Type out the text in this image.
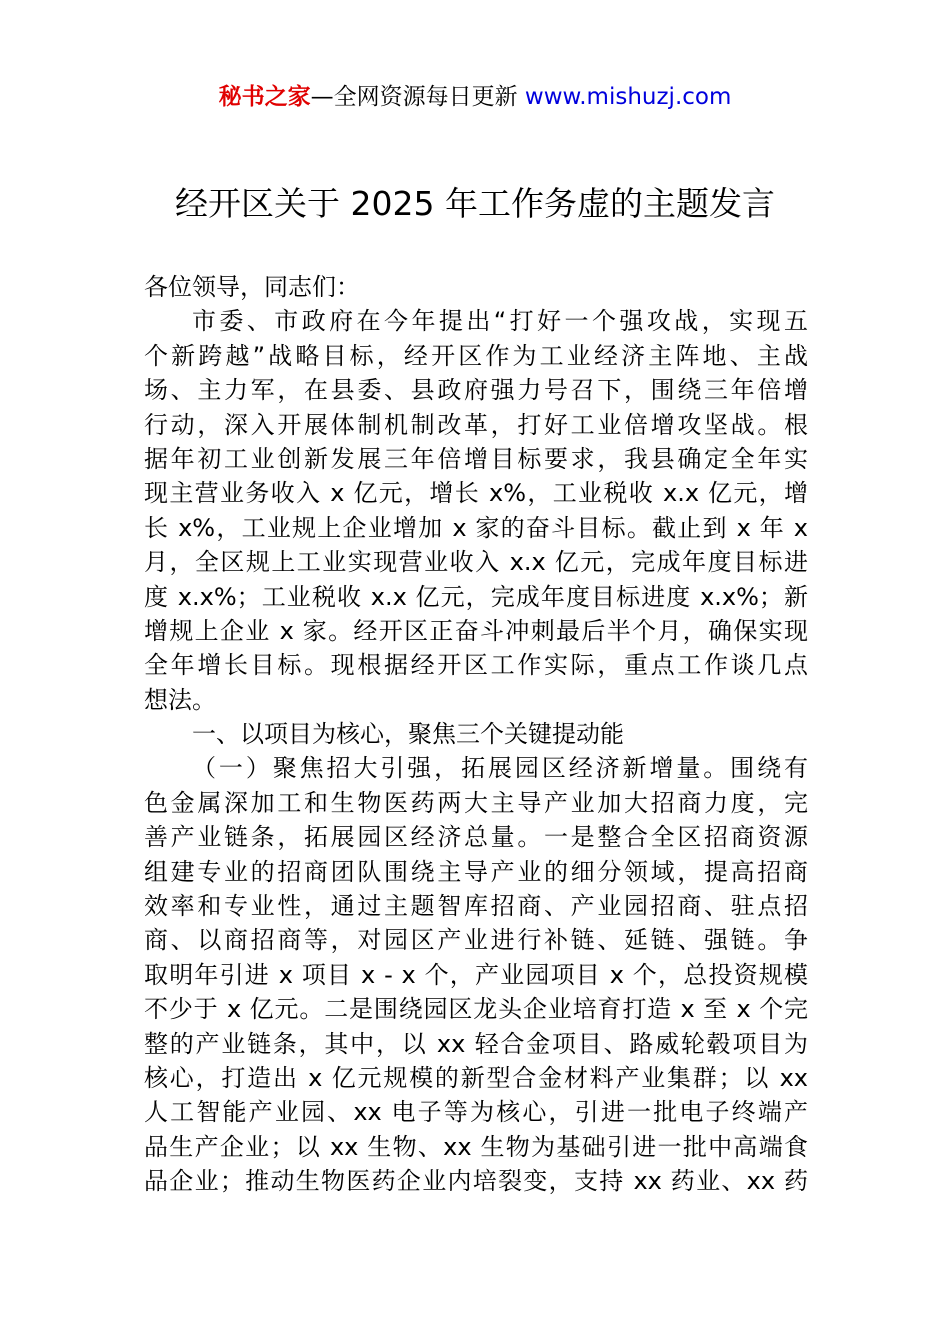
秘书之家—全网资源每日更新 www.mishuzj.com
经开区关于 2025 年工作务虚的主题发言
各位领导，同志们：
市委、市政府在今年提出“打好一个强攻战，实现五
个新跨越”战略目标，经开区作为工业经济主阵地、主战
场、主力军，在县委、县政府强力号召下，围绕三年倍增
行动，深入开展体制机制改革，打好工业倍增攻坚战。根
据年初工业创新发展三年倍增目标要求，我县确定全年实
现主营业务收入 x 亿元，增长 x%，工业税收 x.x 亿元，增
长 x%，工业规上企业增加 x 家的奋斗目标。截止到 x 年 x
月，全区规上工业实现营业收入 x.x 亿元，完成年度目标进
度 x.x%；工业税收 x.x 亿元，完成年度目标进度 x.x%；新
增规上企业 x 家。经开区正奋斗冲刺最后半个月，确保实现
全年增长目标。现根据经开区工作实际，重点工作谈几点
想法。
一、以项目为核心，聚焦三个关键提动能
（一）聚焦招大引强，拓展园区经济新增量。围绕有
色金属深加工和生物医药两大主导产业加大招商力度，完
善产业链条，拓展园区经济总量。一是整合全区招商资源
组建专业的招商团队围绕主导产业的细分领域，提高招商
效率和专业性，通过主题智库招商、产业园招商、驻点招
商、以商招商等，对园区产业进行补链、延链、强链。争
取明年引进 x 项目 x - x 个，产业园项目 x 个，总投资规模
不少于 x 亿元。二是围绕园区龙头企业培育打造 x 至 x 个完
整的产业链条，其中，以 xx 轻合金项目、路威轮毂项目为
核心，打造出 x 亿元规模的新型合金材料产业集群；以 xx
人工智能产业园、xx 电子等为核心，引进一批电子终端产
品生产企业；以 xx 生物、xx 生物为基础引进一批中高端食
品企业；推动生物医药企业内培裂变，支持 xx 药业、xx 药
